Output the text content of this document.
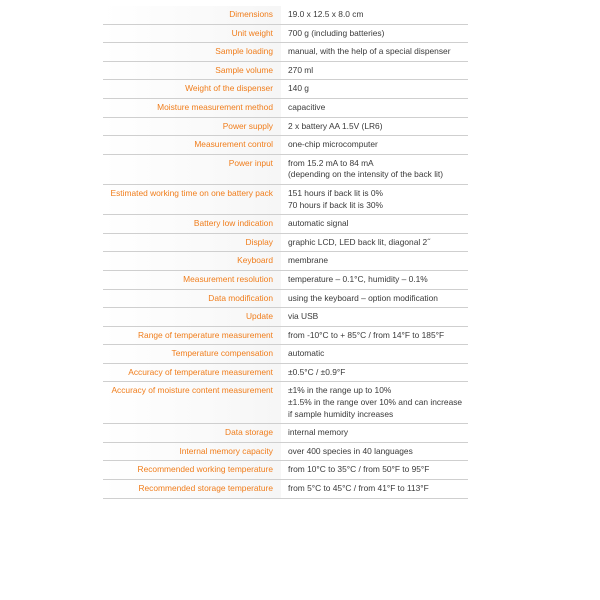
Dimensions	19.0 x 12.5 x 8.0 cm
Unit weight	700 g (including batteries)
Sample loading	manual, with the help of a special dispenser
Sample volume	270 ml
Weight of the dispenser	140 g
Moisture measurement method	capacitive
Power supply	2 x battery AA 1.5V (LR6)
Measurement control	one-chip microcomputer
Power input	from 15.2 mA to 84 mA
(depending on the intensity of the back lit)
Estimated working time on one battery pack	151 hours if back lit is 0%
70 hours if back lit is 30%
Battery low indication	automatic signal
Display	graphic LCD, LED back lit, diagonal 2˝
Keyboard	membrane
Measurement resolution	temperature – 0.1°C, humidity – 0.1%
Data modification	using the keyboard – option modification
Update	via USB
Range of temperature measurement	from -10°C to + 85°C / from 14°F to 185°F
Temperature compensation	automatic
Accuracy of temperature measurement	±0.5°C / ±0.9°F
Accuracy of moisture content measurement	±1% in the range up to 10%
±1.5% in the range over 10% and can increase if sample humidity increases
Data storage	internal memory
Internal memory capacity	over 400 species in 40 languages
Recommended working temperature	from 10°C to 35°C / from 50°F to 95°F
Recommended storage temperature	from 5°C to 45°C / from 41°F to 113°F
